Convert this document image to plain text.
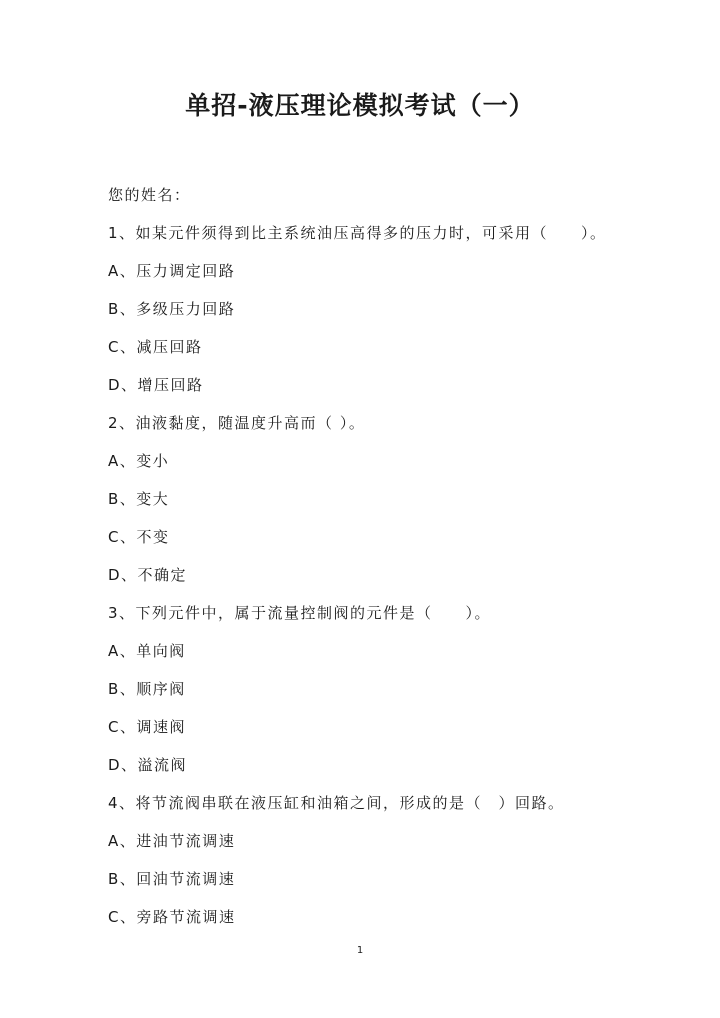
单招-液压理论模拟考试（一）
您的姓名：
1、如某元件须得到比主系统油压高得多的压力时，可采用（　　）。
A、压力调定回路
B、多级压力回路
C、减压回路
D、增压回路
2、油液黏度，随温度升高而（ ）。
A、变小
B、变大
C、不变
D、不确定
3、下列元件中，属于流量控制阀的元件是（　　）。
A、单向阀
B、顺序阀
C、调速阀
D、溢流阀
4、将节流阀串联在液压缸和油箱之间，形成的是（　）回路。
A、进油节流调速
B、回油节流调速
C、旁路节流调速
1
